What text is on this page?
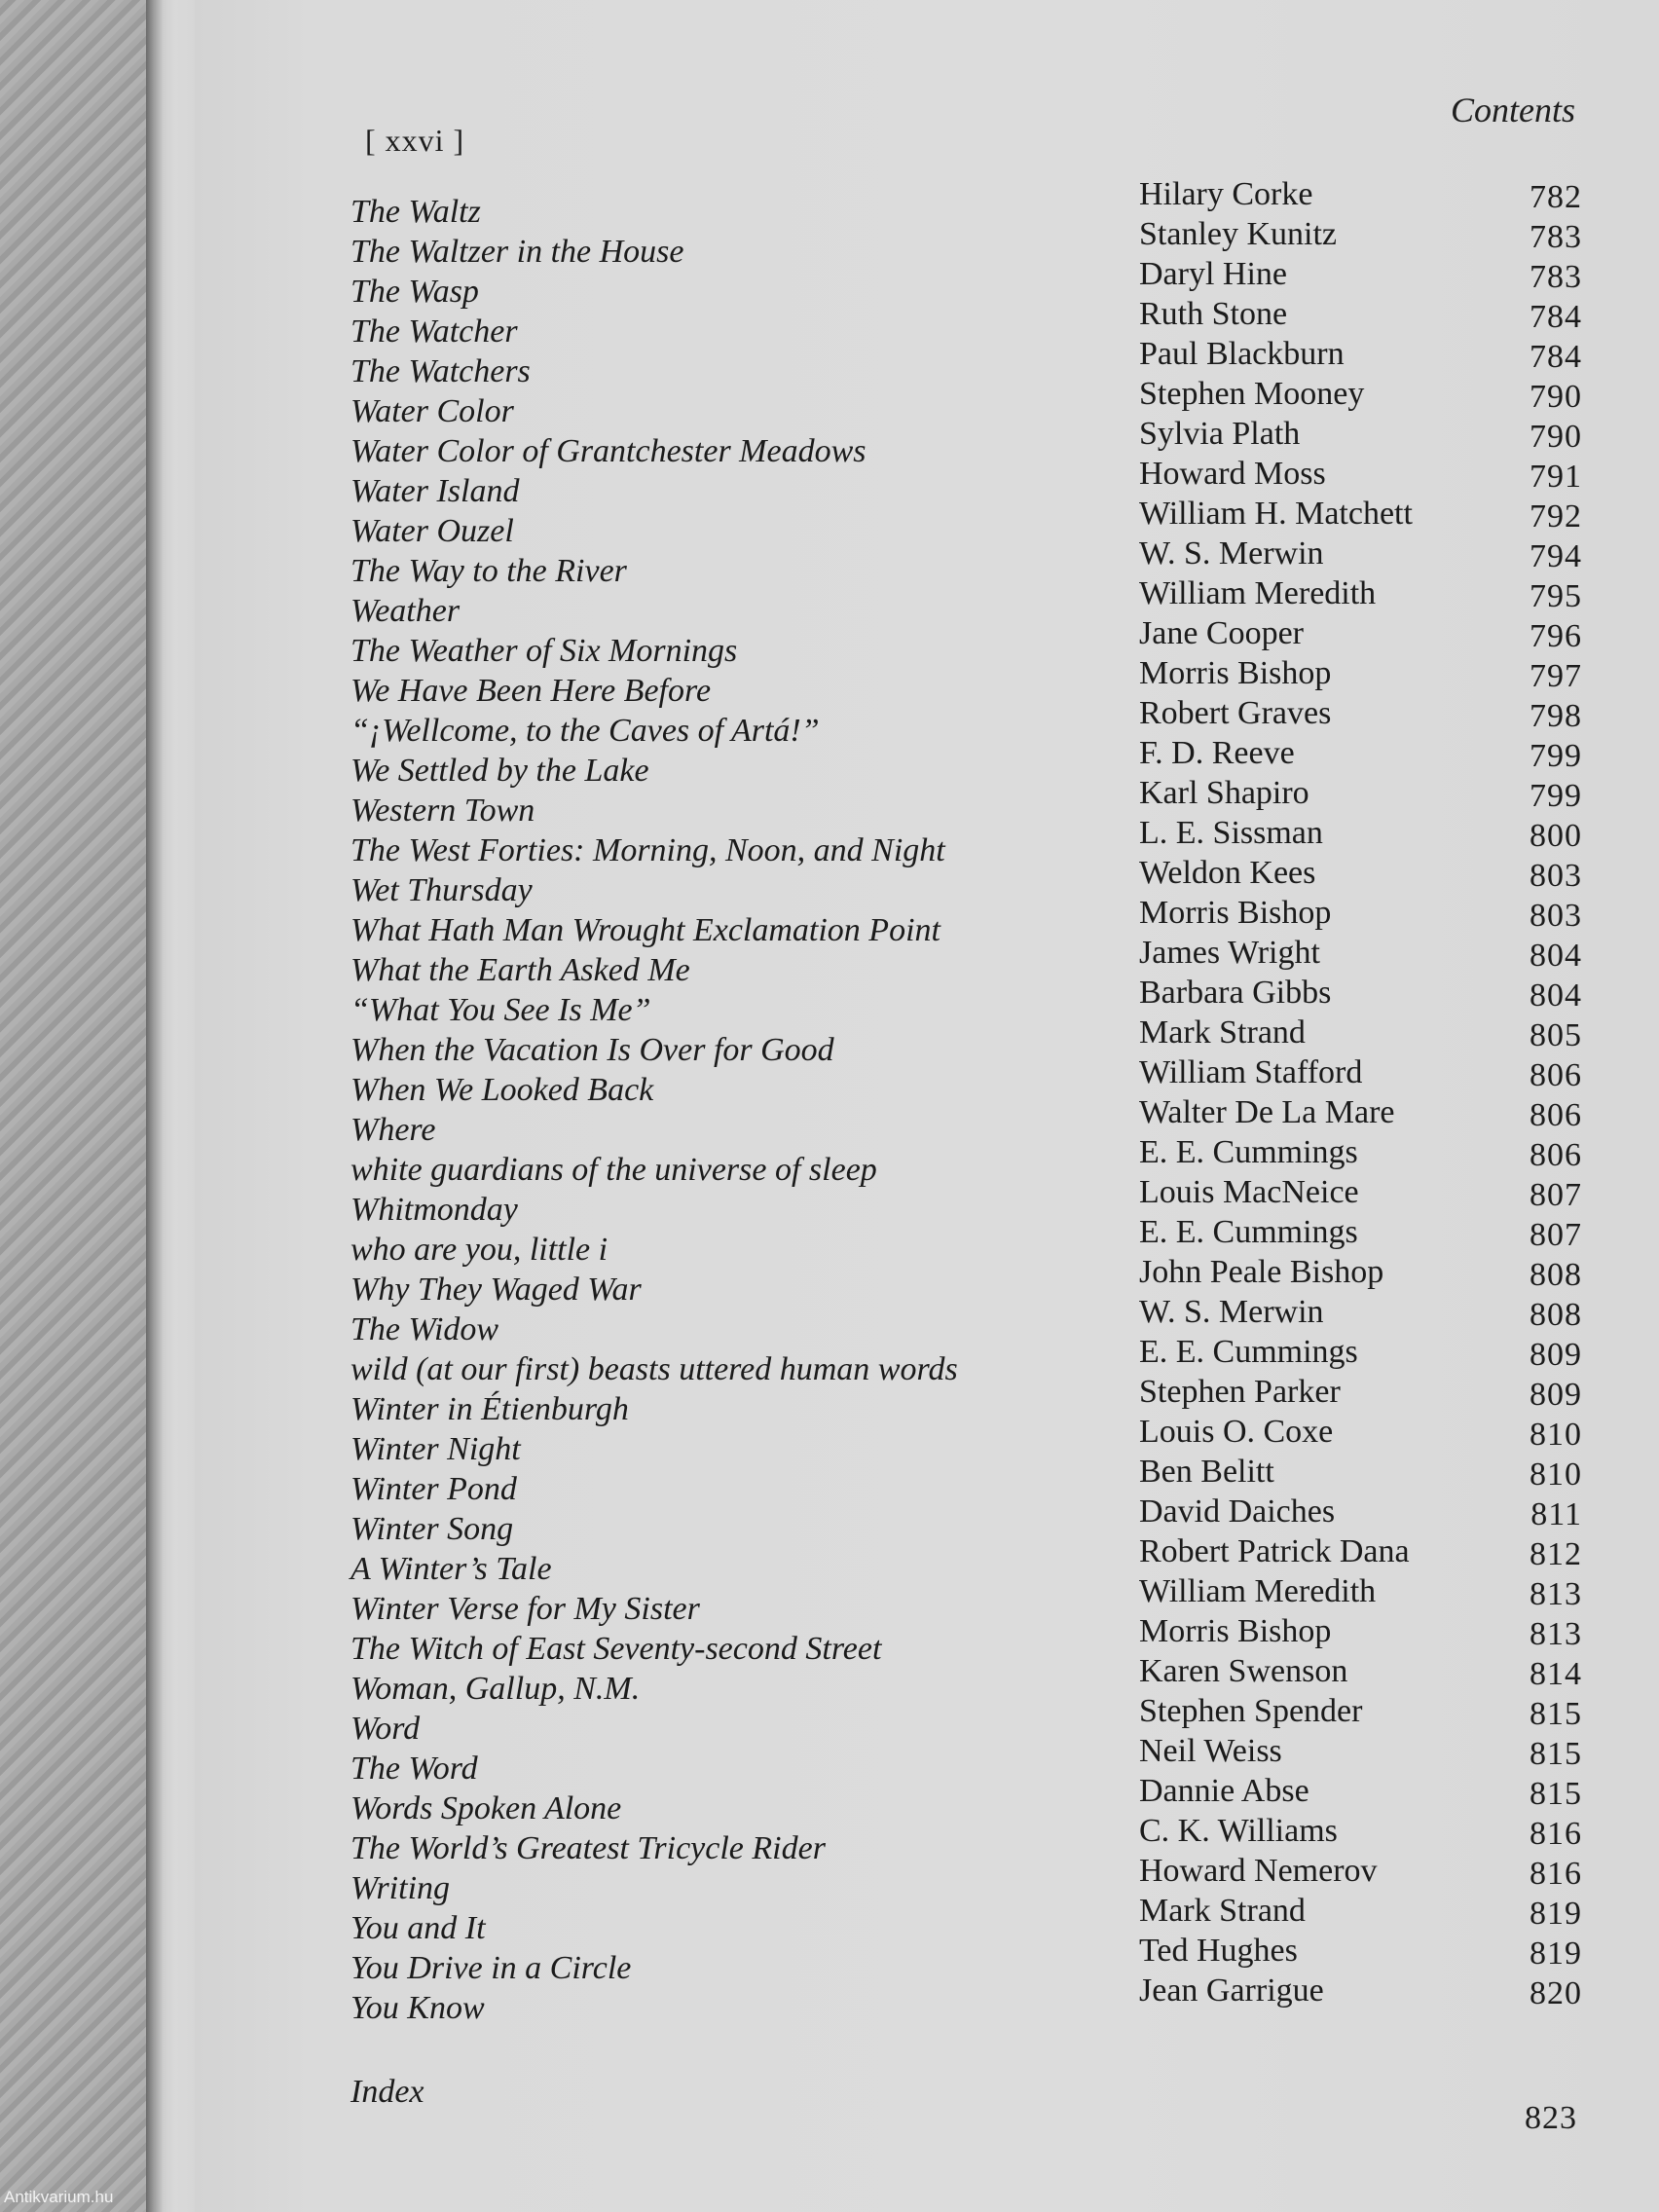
Contents
[ xxvi ]
The Waltz	Hilary Corke	782
The Waltzer in the House	Stanley Kunitz	783
The Wasp	Daryl Hine	783
The Watcher	Ruth Stone	784
The Watchers	Paul Blackburn	784
Water Color	Stephen Mooney	790
Water Color of Grantchester Meadows	Sylvia Plath	790
Water Island	Howard Moss	791
Water Ouzel	William H. Matchett	792
The Way to the River	W. S. Merwin	794
Weather	William Meredith	795
The Weather of Six Mornings	Jane Cooper	796
We Have Been Here Before	Morris Bishop	797
“¡Wellcome, to the Caves of Artá!”	Robert Graves	798
We Settled by the Lake	F. D. Reeve	799
Western Town	Karl Shapiro	799
The West Forties: Morning, Noon, and Night	L. E. Sissman	800
Wet Thursday	Weldon Kees	803
What Hath Man Wrought Exclamation Point	Morris Bishop	803
What the Earth Asked Me	James Wright	804
“What You See Is Me”	Barbara Gibbs	804
When the Vacation Is Over for Good	Mark Strand	805
When We Looked Back	William Stafford	806
Where	Walter De La Mare	806
white guardians of the universe of sleep	E. E. Cummings	806
Whitmonday	Louis MacNeice	807
who are you, little i	E. E. Cummings	807
Why They Waged War	John Peale Bishop	808
The Widow	W. S. Merwin	808
wild (at our first) beasts uttered human words	E. E. Cummings	809
Winter in Étienburgh	Stephen Parker	809
Winter Night	Louis O. Coxe	810
Winter Pond	Ben Belitt	810
Winter Song	David Daiches	811
A Winter’s Tale	Robert Patrick Dana	812
Winter Verse for My Sister	William Meredith	813
The Witch of East Seventy-second Street	Morris Bishop	813
Woman, Gallup, N.M.	Karen Swenson	814
Word	Stephen Spender	815
The Word	Neil Weiss	815
Words Spoken Alone	Dannie Abse	815
The World’s Greatest Tricycle Rider	C. K. Williams	816
Writing	Howard Nemerov	816
You and It	Mark Strand	819
You Drive in a Circle	Ted Hughes	819
You Know	Jean Garrigue	820
Index
823
Antikvarium.hu
